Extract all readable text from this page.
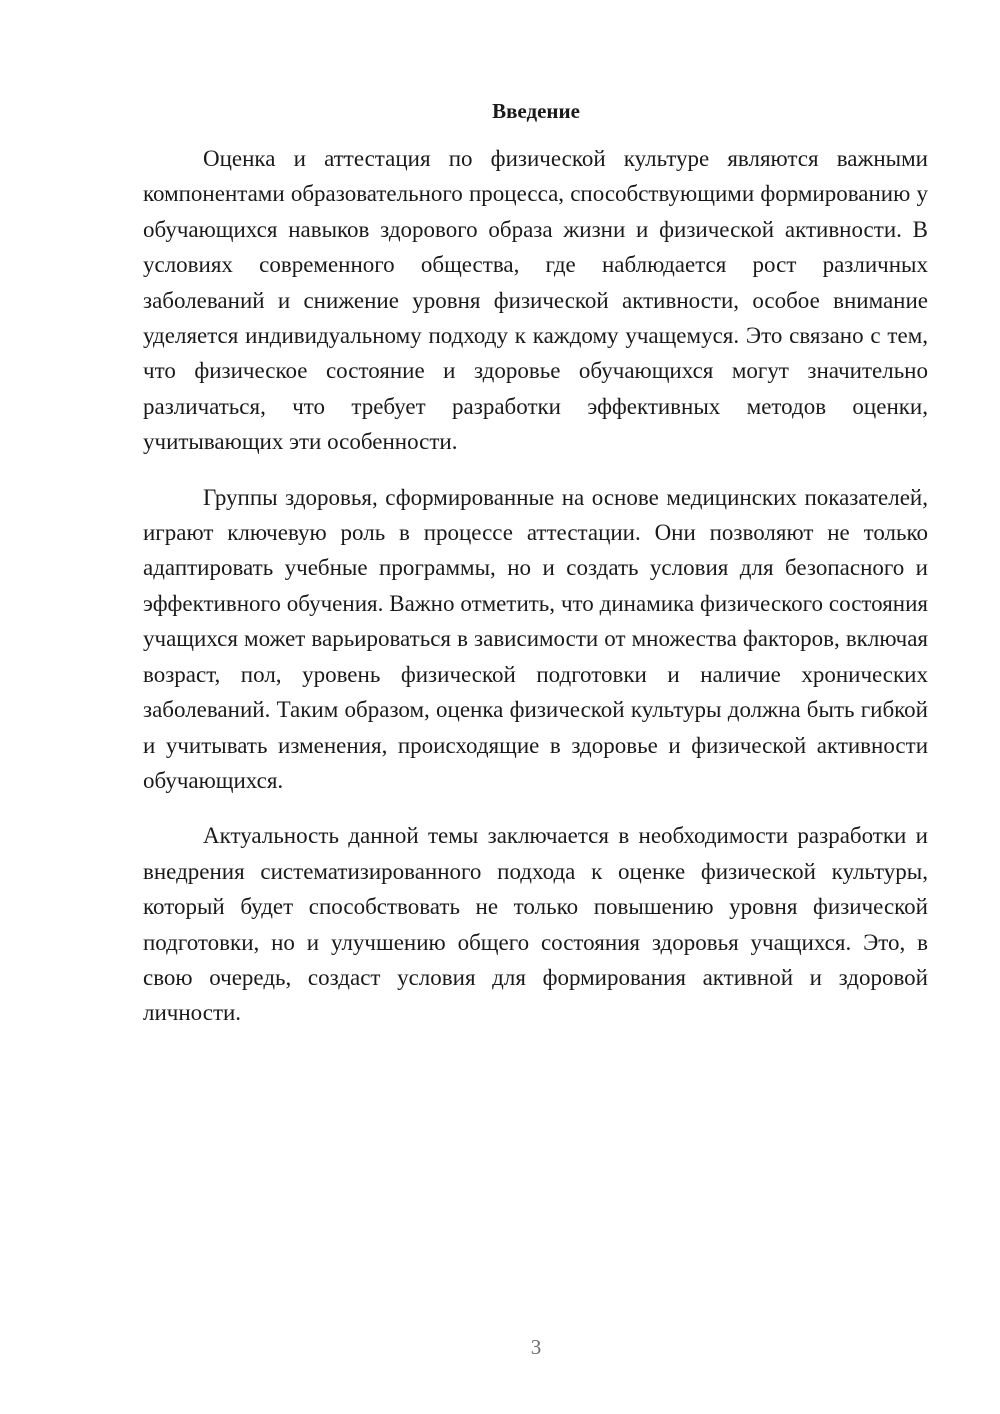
Введение

Оценка и аттестация по физической культуре являются важными компонентами образовательного процесса, способствующими формированию у обучающихся навыков здорового образа жизни и физической активности. В условиях современного общества, где наблюдается рост различных заболеваний и снижение уровня физической активности, особое внимание уделяется индивидуальному подходу к каждому учащемуся. Это связано с тем, что физическое состояние и здоровье обучающихся могут значительно различаться, что требует разработки эффективных методов оценки, учитывающих эти особенности.

Группы здоровья, сформированные на основе медицинских показателей, играют ключевую роль в процессе аттестации. Они позволяют не только адаптировать учебные программы, но и создать условия для безопасного и эффективного обучения. Важно отметить, что динамика физического состояния учащихся может варьироваться в зависимости от множества факторов, включая возраст, пол, уровень физической подготовки и наличие хронических заболеваний. Таким образом, оценка физической культуры должна быть гибкой и учитывать изменения, происходящие в здоровье и физической активности обучающихся.

Актуальность данной темы заключается в необходимости разработки и внедрения систематизированного подхода к оценке физической культуры, который будет способствовать не только повышению уровня физической подготовки, но и улучшению общего состояния здоровья учащихся. Это, в свою очередь, создаст условия для формирования активной и здоровой личности.

3
